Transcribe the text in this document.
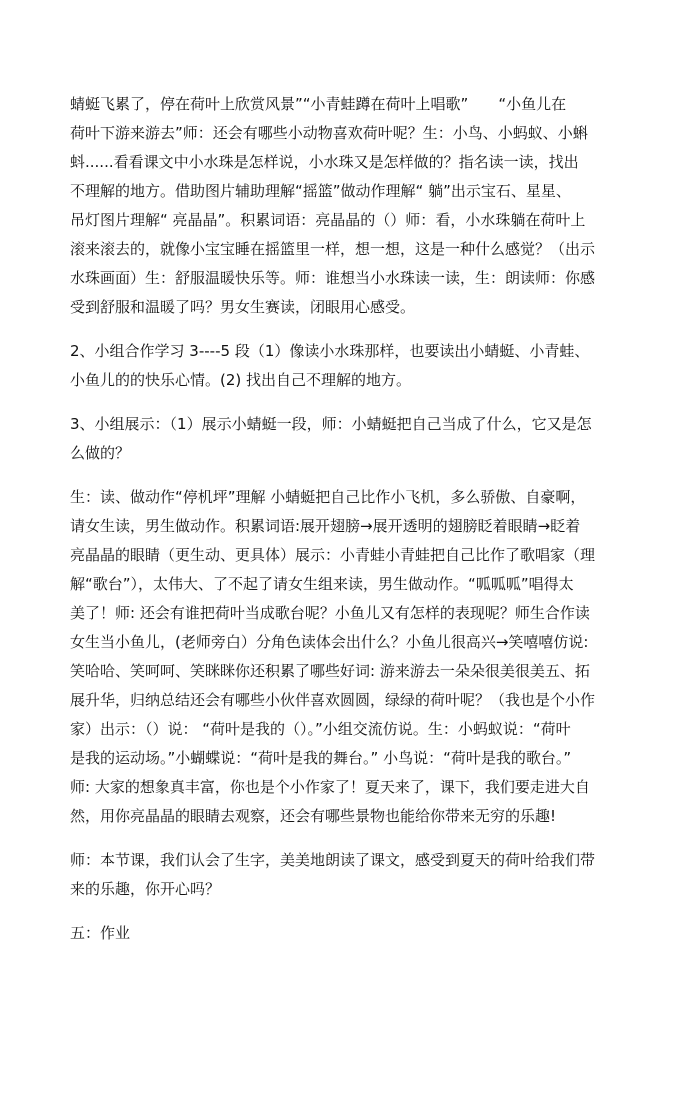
蜻蜓飞累了，停在荷叶上欣赏风景”“小青蛙蹲在荷叶上唱歌”　　“小鱼儿在
荷叶下游来游去”师：还会有哪些小动物喜欢荷叶呢？生：小鸟、小蚂蚁、小蝌
蚪......看看课文中小水珠是怎样说，小水珠又是怎样做的？指名读一读，找出
不理解的地方。借助图片辅助理解“摇篮”做动作理解“ 躺”出示宝石、星星、
吊灯图片理解“ 亮晶晶”。积累词语：亮晶晶的（）师：看，小水珠躺在荷叶上
滚来滚去的，就像小宝宝睡在摇篮里一样，想一想，这是一种什么感觉？（出示
水珠画面）生：舒服温暖快乐等。师：谁想当小水珠读一读，生：朗读师：你感
受到舒服和温暖了吗？男女生赛读，闭眼用心感受。

2、小组合作学习 3----5 段（1）像读小水珠那样，也要读出小蜻蜓、小青蛙、
小鱼儿的的快乐心情。(2) 找出自己不理解的地方。

3、小组展示：（1）展示小蜻蜓一段，师：小蜻蜓把自己当成了什么，它又是怎
么做的？

生：读、做动作“停机坪”理解 小蜻蜓把自己比作小飞机，多么骄傲、自豪啊，
请女生读，男生做动作。积累词语:展开翅膀→展开透明的翅膀眨着眼睛→眨着
亮晶晶的眼睛（更生动、更具体）展示：小青蛙小青蛙把自己比作了歌唱家（理
解“歌台”），太伟大、了不起了请女生组来读，男生做动作。“呱呱呱”唱得太
美了！师: 还会有谁把荷叶当成歌台呢？小鱼儿又有怎样的表现呢？师生合作读
女生当小鱼儿，(老师旁白）分角色读体会出什么？小鱼儿很高兴→笑嘻嘻仿说:
笑哈哈、笑呵呵、笑眯眯你还积累了哪些好词: 游来游去一朵朵很美很美五、拓
展升华，归纳总结还会有哪些小伙伴喜欢圆圆，绿绿的荷叶呢？（我也是个小作
家）出示：（）说： “荷叶是我的（）。”小组交流仿说。生：小蚂蚁说：“荷叶
是我的运动场。”小蝴蝶说：“荷叶是我的舞台。” 小鸟说：“荷叶是我的歌台。”
师: 大家的想象真丰富，你也是个小作家了！夏天来了，课下，我们要走进大自
然，用你亮晶晶的眼睛去观察，还会有哪些景物也能给你带来无穷的乐趣!

师：本节课，我们认会了生字，美美地朗读了课文，感受到夏天的荷叶给我们带
来的乐趣，你开心吗？

五：作业
